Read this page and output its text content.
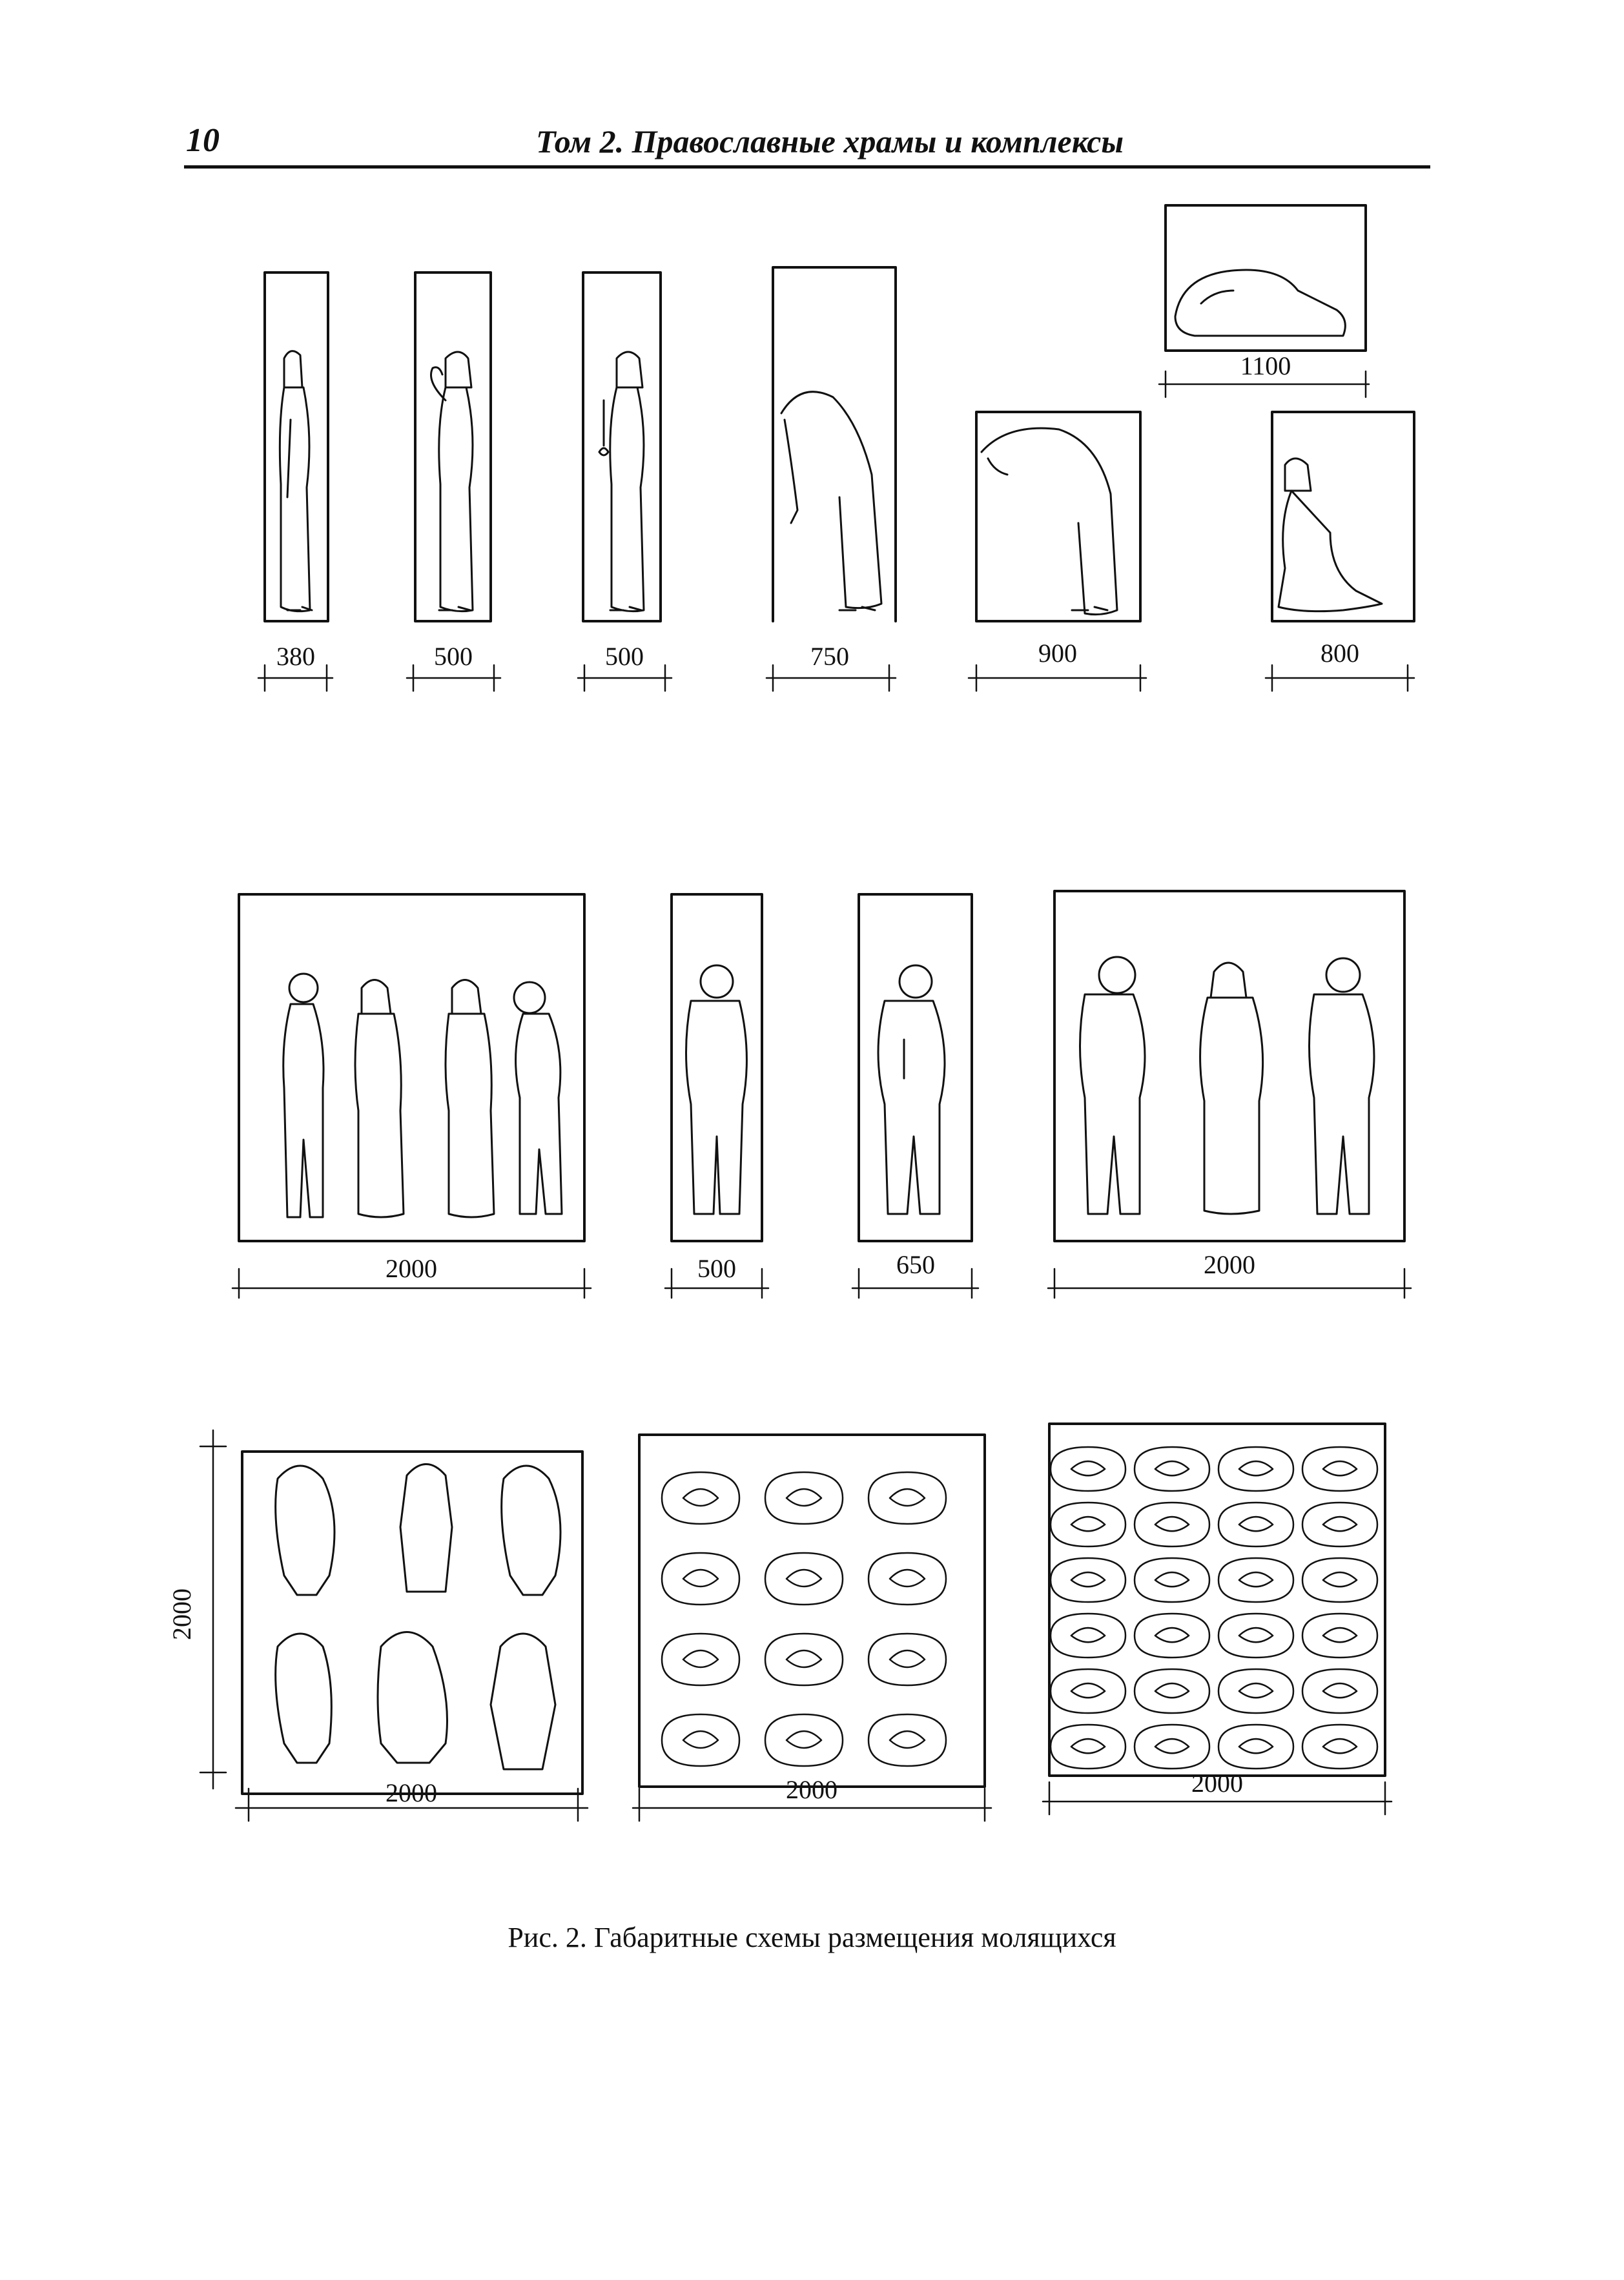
10	Том 2. Православные храмы и комплексы
380	500	500	750	900
1100
800
2000	500	650	2000
2000	2000	2000
2000
Рис. 2. Габаритные схемы размещения молящихся
